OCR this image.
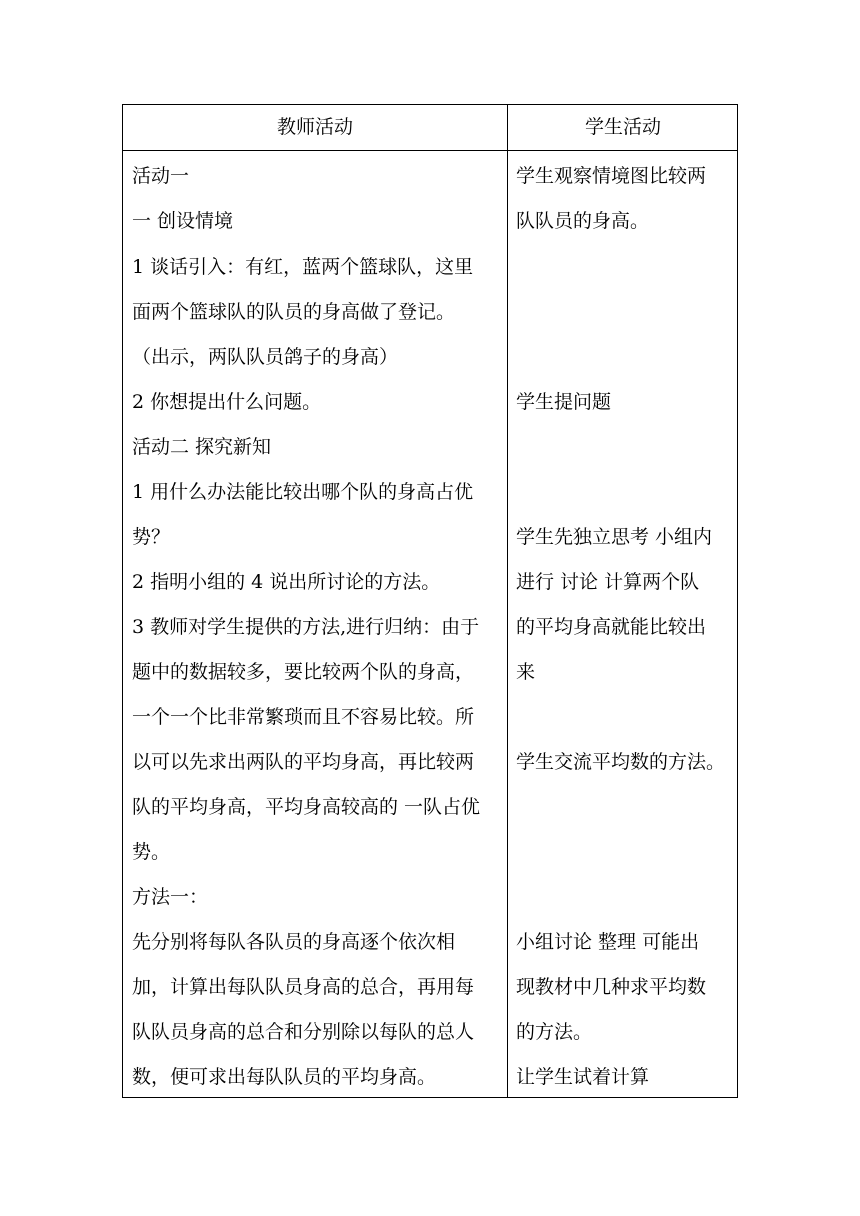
教师活动	学生活动
活动一
一 创设情境
1 谈话引入：有红，蓝两个篮球队，这里
面两个篮球队的队员的身高做了登记。
（出示，两队队员鸽子的身高）
2 你想提出什么问题。
活动二 探究新知
1 用什么办法能比较出哪个队的身高占优
势？
2 指明小组的 4 说出所讨论的方法。
3 教师对学生提供的方法,进行归纳：由于
题中的数据较多，要比较两个队的身高，
一个一个比非常繁琐而且不容易比较。所
以可以先求出两队的平均身高，再比较两
队的平均身高，平均身高较高的 一队占优
势。
方法一：
先分别将每队各队员的身高逐个依次相
加，计算出每队队员身高的总合，再用每
队队员身高的总合和分别除以每队的总人
数，便可求出每队队员的平均身高。
学生观察情境图比较两
队队员的身高。
学生提问题
学生先独立思考 小组内
进行 讨论 计算两个队
的平均身高就能比较出
来
学生交流平均数的方法。
小组讨论 整理 可能出
现教材中几种求平均数
的方法。
让学生试着计算
